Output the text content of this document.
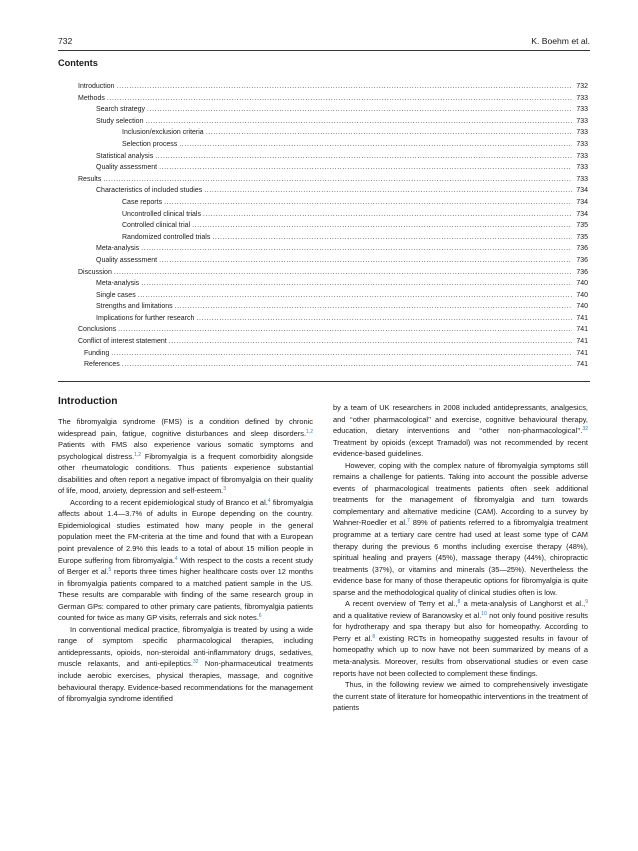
732	K. Boehm et al.
Contents
Introduction .....	732
Methods .....	733
Search strategy .....	733
Study selection .....	733
Inclusion/exclusion criteria .....	733
Selection process .....	733
Statistical analysis .....	733
Quality assessment .....	733
Results .....	733
Characteristics of included studies .....	734
Case reports .....	734
Uncontrolled clinical trials .....	734
Controlled clinical trial .....	735
Randomized controlled trials .....	735
Meta-analysis .....	736
Quality assessment .....	736
Discussion .....	736
Meta-analysis .....	740
Single cases .....	740
Strengths and limitations .....	740
Implications for further research .....	741
Conclusions .....	741
Conflict of interest statement .....	741
Funding .....	741
References .....	741
Introduction

The fibromyalgia syndrome (FMS) is a condition defined by chronic widespread pain, fatigue, cognitive disturbances and sleep disorders.$^{1,2}$ Patients with FMS also experience various somatic symptoms and psychological distress.$^{1,2}$ Fibromyalgia is a frequent comorbidity alongside other rheumatologic conditions. Thus patients experience substantial disabilities and often report a negative impact of fibromyalgia on their quality of life, mood, anxiety, depression and self-esteem.$^3$

According to a recent epidemiological study of Branco et al.$^4$ fibromyalgia affects about 1.4—3.7% of adults in Europe depending on the country. Epidemiological studies estimated how many people in the general population meet the FM-criteria at the time and found that with a European point prevalence of 2.9% this leads to a total of about 15 million people in Europe suffering from fibromyalgia.$^4$ With respect to the costs a recent study of Berger et al.$^5$ reports three times higher healthcare costs over 12 months in fibromyalgia patients compared to a matched patient sample in the US. These results are comparable with finding of the same research group in German GPs: compared to other primary care patients, fibromyalgia patients counted for twice as many GP visits, referrals and sick notes.$^6$

In conventional medical practice, fibromyalgia is treated by using a wide range of symptom specific pharmacological therapies, including antidepressants, opioids, non-steroidal anti-inflammatory drugs, sedatives, muscle relaxants, and anti-epileptics.$^{32}$ Non-pharmaceutical treatments include aerobic exercises, physical therapies, massage, and cognitive behavioural therapy. Evidence-based recommendations for the management of fibromyalgia syndrome identified

by a team of UK researchers in 2008 included antidepressants, analgesics, and ‘‘other pharmacological’’ and exercise, cognitive behavioural therapy, education, dietary interventions and ‘‘other non-pharmacological’’.$^{32}$ Treatment by opioids (except Tramadol) was not recommended by recent evidence-based guidelines.

However, coping with the complex nature of fibromyalgia symptoms still remains a challenge for patients. Taking into account the possible adverse events of pharmacological treatments patients often seek additional treatments for the management of fibromyalgia and turn towards complementary and alternative medicine (CAM). According to a survey by Wahner-Roedler et al.$^7$ 89% of patients referred to a fibromyalgia treatment programme at a tertiary care centre had used at least some type of CAM therapy during the previous 6 months including exercise therapy (48%), spiritual healing and prayers (45%), massage therapy (44%), chiropractic treatments (37%), or vitamins and minerals (35—25%). Nevertheless the evidence base for many of those therapeutic options for fibromyalgia is quite sparse and the methodological quality of clinical studies often is low.

A recent overview of Terry et al.,$^8$ a meta-analysis of Langhorst et al.,$^9$ and a qualitative review of Baranowsky et al.$^{10}$ not only found positive results for hydrotherapy and spa therapy but also for homeopathy. According to Perry et al.$^8$ existing RCTs in homeopathy suggested results in favour of homeopathy which up to now have not been summarized by means of a meta-analysis. Moreover, results from observational studies or even case reports have not been collected to complement these findings.

Thus, in the following review we aimed to comprehensively investigate the current state of literature for homeopathic interventions in the treatment of patients
